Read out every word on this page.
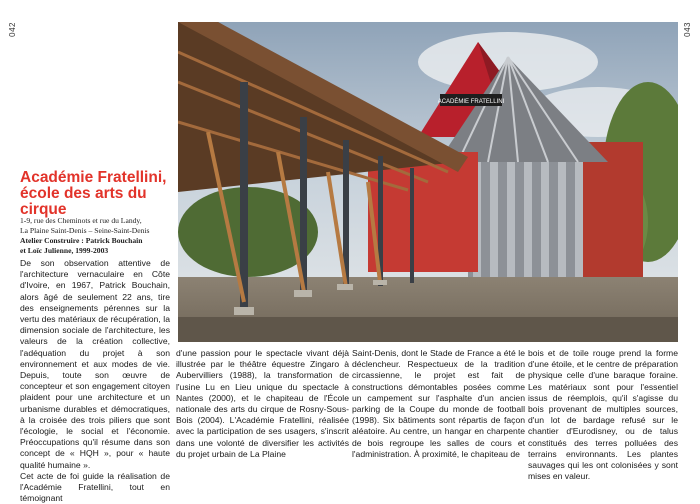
042	043
ACADÉMIE FRATELLINI
Académie Fratellini, école des arts du cirque
1-9, rue des Cheminots et rue du Landy,
La Plaine Saint-Denis – Seine-Saint-Denis
Atelier Construire : Patrick Bouchain
et Loïc Julienne, 1999-2003

De son observation attentive de l'architecture vernaculaire en Côte d'Ivoire, en 1967, Patrick Bouchain, alors âgé de seulement 22 ans, tire des enseignements pérennes sur la vertu des matériaux de récupération, la dimension sociale de l'architecture, les valeurs de la création collective, l'adéquation du projet à son environnement et aux modes de vie. Depuis, toute son œuvre de concepteur et son engagement citoyen plaident pour une architecture et un urbanisme durables et démocratiques, à la croisée des trois piliers que sont l'écologie, le social et l'économie. Préoccupations qu'il résume dans son concept de « HQH », pour « haute qualité humaine ».

Cet acte de foi guide la réalisation de l'Académie Fratellini, tout en témoignant

d'une passion pour le spectacle vivant déjà illustrée par le théâtre équestre Zingaro à Aubervilliers (1988), la transformation de l'usine Lu en Lieu unique du spectacle à Nantes (2000), et le chapiteau de l'École nationale des arts du cirque de Rosny-Sous-Bois (2004). L'Académie Fratellini, réalisée avec la participation de ses usagers, s'inscrit dans une volonté de diversifier les activités du projet urbain de La Plaine

Saint-Denis, dont le Stade de France a été le déclencheur. Respectueux de la tradition circassienne, le projet est fait de constructions démontables posées comme un campement sur l'asphalte d'un ancien parking de la Coupe du monde de football (1998). Six bâtiments sont répartis de façon aléatoire. Au centre, un hangar en charpente de bois regroupe les salles de cours et l'administration. À proximité, le chapiteau de

bois et de toile rouge prend la forme d'une étoile, et le centre de préparation physique celle d'une baraque foraine. Les matériaux sont pour l'essentiel issus de réemplois, qu'il s'agisse du bois provenant de multiples sources, d'un lot de bardage refusé sur le chantier d'Eurodisney, ou de talus constitués des terres polluées des terrains environnants. Les plantes sauvages qui les ont colonisées y sont mises en valeur.
